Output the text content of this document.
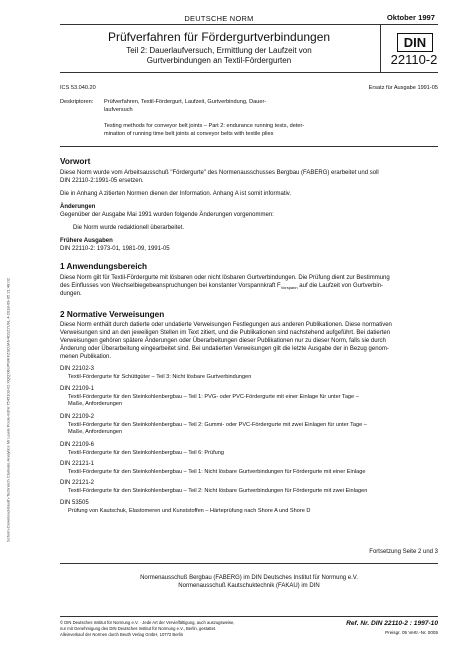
DEUTSCHE NORM	Oktober 1997
Prüfverfahren für Fördergurtverbindungen
Teil 2: Dauerlaufversuch, Ermittlung der Laufzeit von
Gurtverbindungen an Textil-Fördergurten
DIN
22110-2
ICS 53.040.20	Ersatz für Ausgabe 1991-05
Deskriptoren: Prüfverfahren, Textil-Fördergurt, Laufzeit, Gurtverbindung, Dauer-
laufversuch
Testing methods for conveyor belt joints – Part 2: endurance running tests, deter-
mination of running time belt joints at conveyor belts with textile plies
Vorwort
Diese Norm wurde vom Arbeitsausschuß "Fördergurte" des Normenausschusses Bergbau (FABERG) erarbeitet und soll
DIN 22110-2:1991-05 ersetzen.
Die in Anhang A zitierten Normen dienen der Information. Anhang A ist somit informativ.
Änderungen
Gegenüber der Ausgabe Mai 1991 wurden folgende Änderungen vorgenommen:
Die Norm wurde redaktionell überarbeitet.
Frühere Ausgaben
DIN 22110-2: 1973-01, 1981-09, 1991-05
1 Anwendungsbereich
Diese Norm gilt für Textil-Fördergurte mit lösbaren oder nicht lösbaren Gurtverbindungen. Die Prüfung dient zur Bestimmung
des Einflusses von Wechselbiegebeanspruchungen bei konstanter Vorspannkraft $F_{Vorspann}$ auf die Laufzeit von Gurtverbin-
dungen.
2 Normative Verweisungen
Diese Norm enthält durch datierte oder undatierte Verweisungen Festlegungen aus anderen Publikationen. Diese normativen
Verweisungen sind an den jeweiligen Stellen im Text zitiert, und die Publikationen sind nachstehend aufgeführt. Bei datierten
Verweisungen gehören spätere Änderungen oder Überarbeitungen dieser Publikationen nur zu dieser Norm, falls sie durch
Änderung oder Überarbeitung eingearbeitet sind. Bei undatierten Verweisungen gilt die letzte Ausgabe der in Bezug genom-
menen Publikation.
DIN 22102-3
Textil-Fördergurte für Schüttgüter – Teil 3: Nicht lösbare Gurtverbindungen
DIN 22109-1
Textil-Fördergurte für den Steinkohlenbergbau – Teil 1: PVG- oder PVC-Fördergurte mit einer Einlage für unter Tage –
Maße, Anforderungen
DIN 22109-2
Textil-Fördergurte für den Steinkohlenbergbau – Teil 2: Gummi- oder PVC-Fördergurte mit zwei Einlagen für unter Tage –
Maße, Anforderungen
DIN 22109-6
Textil-Fördergurte für den Steinkohlenbergbau – Teil 6: Prüfung
DIN 22121-1
Textil-Fördergurte für den Steinkohlenbergbau – Teil 1: Nicht lösbare Gurtverbindungen für Fördergurte mit einer Einlage
DIN 22121-2
Textil-Fördergurte für den Steinkohlenbergbau – Teil 2: Nicht lösbare Gurtverbindungen für Fördergurte mit zwei Einlagen
DIN 53505
Prüfung von Kautschuk, Elastomeren und Kunststoffen – Härteprüfung nach Shore A und Shore D
Fortsetzung Seite 2 und 3
Normenausschuß Bergbau (FABERG) im DIN Deutsches Institut für Normung e.V.
Normenausschuß Kautschuktechnik (FAKAU) im DIN
© DIN Deutsches Institut für Normung e.V. · Jede Art der Vervielfältigung, auch auszugsweise,
nur mit Genehmigung des DIN Deutsches Institut für Normung e.V., Berlin, gestattet.
Alleinverkauf der Normen durch Beuth Verlag GmbH, 10772 Berlin
Ref. Nr. DIN 22110-2 : 1997-10
Preisgr. 05 Vertr.-Nr. 0005
Schorn-Download-Beuth-Technisch Clarivate Analytics Mr Lewis Poole-KdNr.7545103-ID.XQQXBUPWKFZSDJAN4O1Z7U9L.4-2018-09-05 21:48:02
